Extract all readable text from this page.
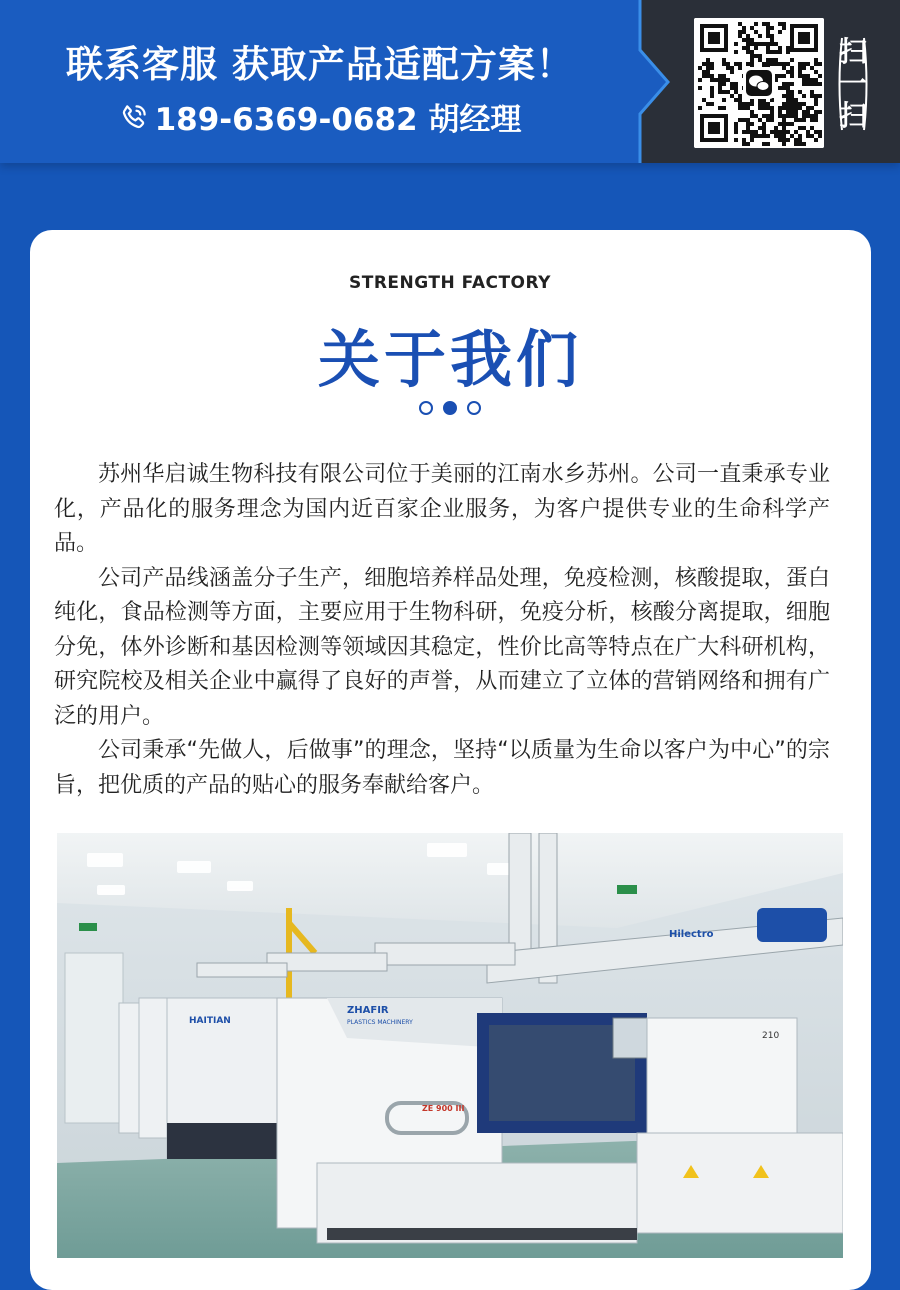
联系客服 获取产品适配方案！
189-6369-0682 胡经理
扫
一
扫
STRENGTH FACTORY
关于我们

苏州华启诚生物科技有限公司位于美丽的江南水乡苏州。公司一直秉承专业化，产品化的服务理念为国内近百家企业服务，为客户提供专业的生命科学产品。

公司产品线涵盖分子生产，细胞培养样品处理，免疫检测，核酸提取，蛋白纯化，食品检测等方面，主要应用于生物科研，免疫分析，核酸分离提取，细胞分免，体外诊断和基因检测等领域因其稳定，性价比高等特点在广大科研机构，研究院校及相关企业中赢得了良好的声誉，从而建立了立体的营销网络和拥有广泛的用户。

公司秉承“先做人，后做事”的理念，坚持“以质量为生命以客户为中心”的宗旨，把优质的产品的贴心的服务奉献给客户。

HAITIAN
ZHAFIR
PLASTICS MACHINERY
ZE 900 III
Hilectro
210
